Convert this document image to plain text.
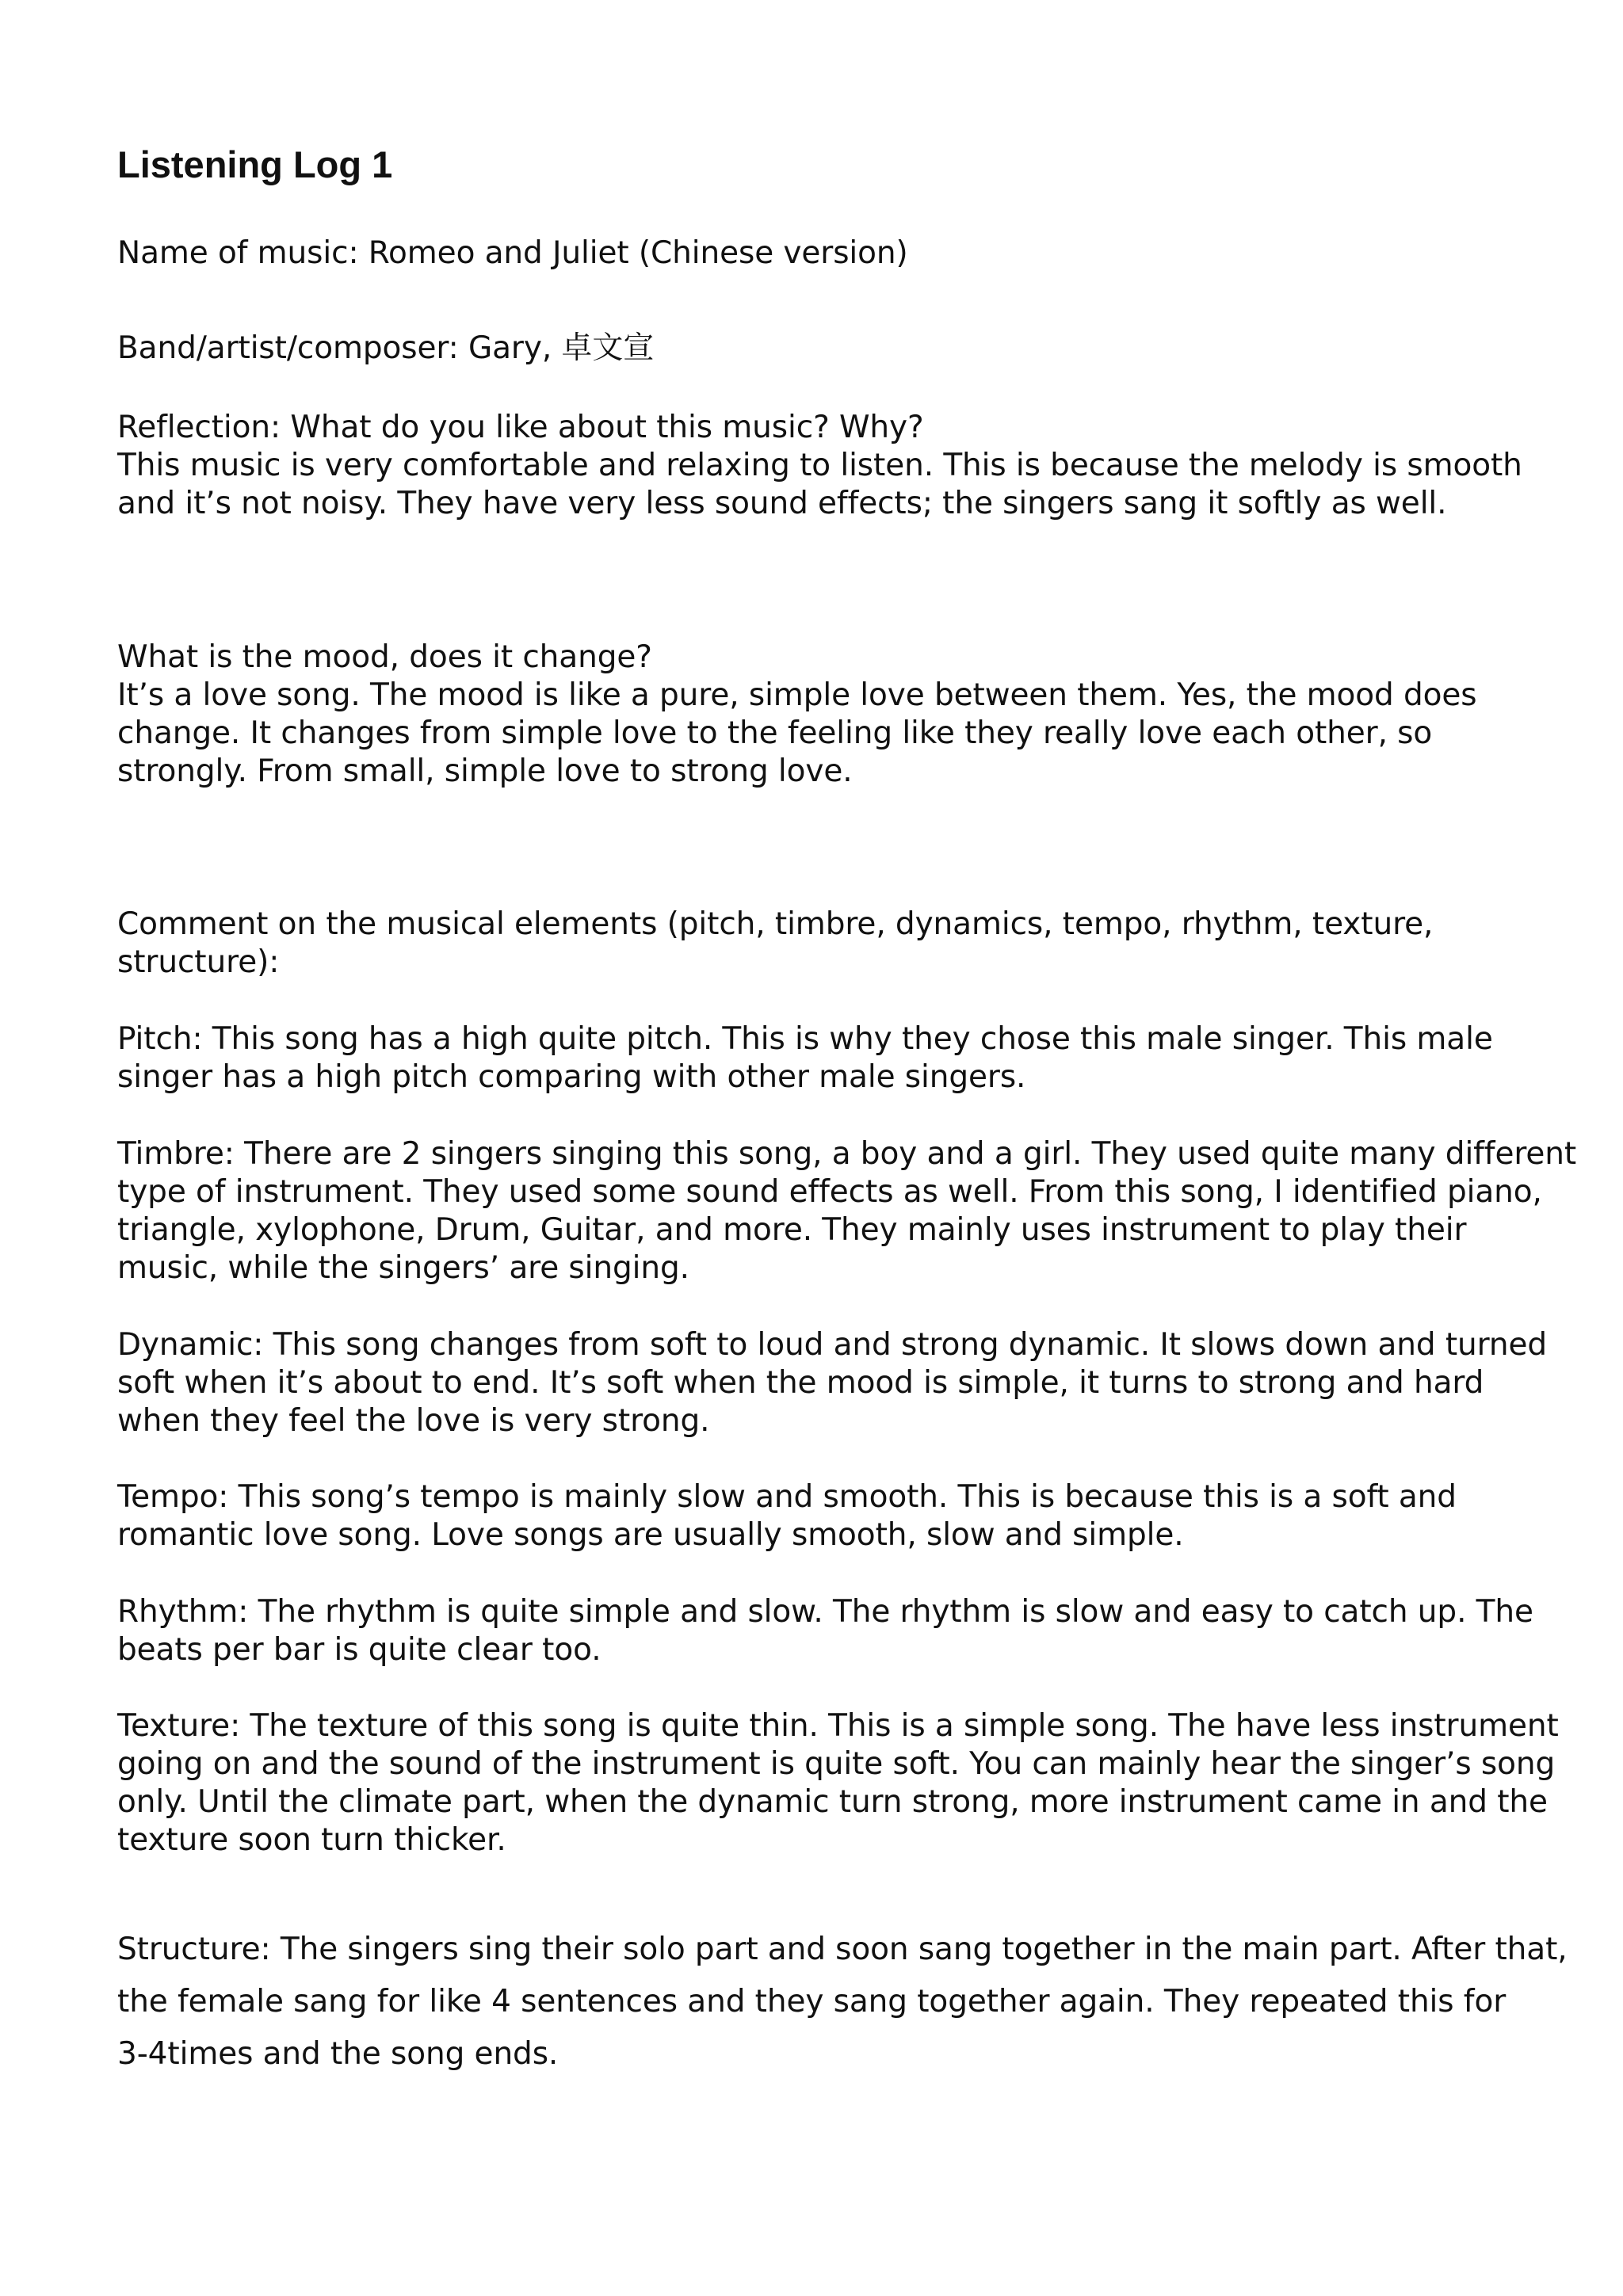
Listening Log 1
Name of music: Romeo and Juliet (Chinese version)
Band/artist/composer: Gary, 卓文宣
Reflection: What do you like about this music? Why?
This music is very comfortable and relaxing to listen. This is because the melody is smooth
and it’s not noisy. They have very less sound effects; the singers sang it softly as well.
What is the mood, does it change?
It’s a love song. The mood is like a pure, simple love between them. Yes, the mood does
change. It changes from simple love to the feeling like they really love each other, so
strongly. From small, simple love to strong love.
Comment on the musical elements (pitch, timbre, dynamics, tempo, rhythm, texture,
structure):
Pitch: This song has a high quite pitch. This is why they chose this male singer. This male
singer has a high pitch comparing with other male singers.
Timbre: There are 2 singers singing this song, a boy and a girl. They used quite many different
type of instrument. They used some sound effects as well. From this song, I identified piano,
triangle, xylophone, Drum, Guitar, and more. They mainly uses instrument to play their
music, while the singers’ are singing.
Dynamic: This song changes from soft to loud and strong dynamic. It slows down and turned
soft when it’s about to end. It’s soft when the mood is simple, it turns to strong and hard
when they feel the love is very strong.
Tempo: This song’s tempo is mainly slow and smooth. This is because this is a soft and
romantic love song. Love songs are usually smooth, slow and simple.
Rhythm: The rhythm is quite simple and slow. The rhythm is slow and easy to catch up. The
beats per bar is quite clear too.
Texture: The texture of this song is quite thin. This is a simple song. The have less instrument
going on and the sound of the instrument is quite soft. You can mainly hear the singer’s song
only. Until the climate part, when the dynamic turn strong, more instrument came in and the
texture soon turn thicker.
Structure: The singers sing their solo part and soon sang together in the main part. After that,
the female sang for like 4 sentences and they sang together again. They repeated this for
3-4times and the song ends.
